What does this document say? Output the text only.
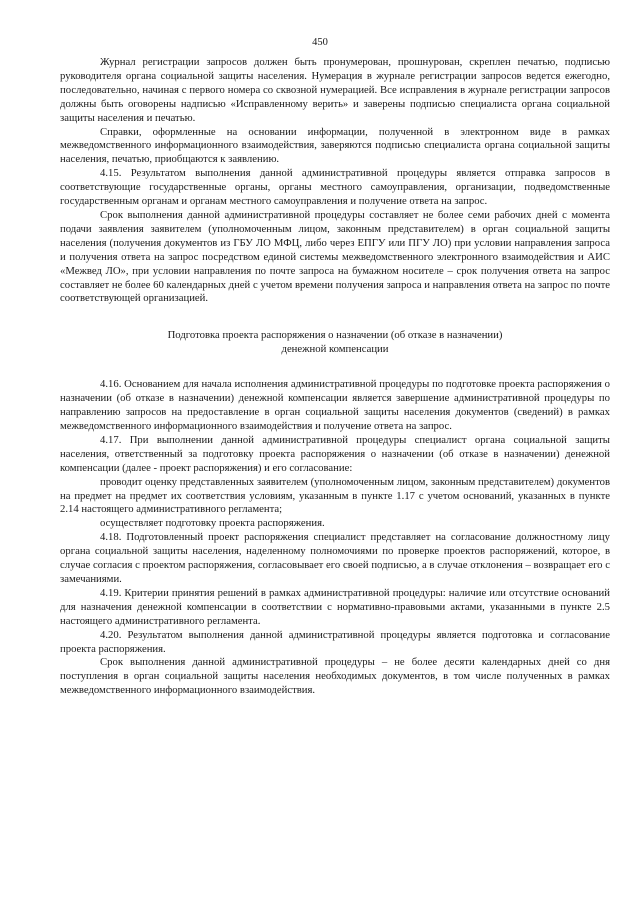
450

Журнал регистрации запросов должен быть пронумерован, прошнурован, скреплен печатью, подписью руководителя органа социальной защиты населения. Нумерация в журнале регистрации запросов ведется ежегодно, последовательно, начиная с первого номера со сквозной нумерацией. Все исправления в журнале регистрации запросов должны быть оговорены надписью «Исправленному верить» и заверены подписью специалиста органа социальной защиты населения и печатью.

Справки, оформленные на основании информации, полученной в электронном виде в рамках межведомственного информационного взаимодействия, заверяются подписью специалиста органа социальной защиты населения, печатью, приобщаются к заявлению.

4.15. Результатом выполнения данной административной процедуры является отправка запросов в соответствующие государственные органы, органы местного самоуправления, организации, подведомственные государственным органам и органам местного самоуправления и получение ответа на запрос.

Срок выполнения данной административной процедуры составляет не более семи рабочих дней с момента подачи заявления заявителем (уполномоченным лицом, законным представителем) в орган социальной защиты населения (получения документов из ГБУ ЛО МФЦ, либо через ЕПГУ или ПГУ ЛО) при условии направления запроса и получения ответа на запрос посредством единой системы межведомственного электронного взаимодействия и АИС «Межвед ЛО», при условии направления по почте запроса на бумажном носителе – срок получения ответа на запрос составляет не более 60 календарных дней с учетом времени получения запроса и направления ответа на запрос по почте соответствующей организацией.

Подготовка проекта распоряжения о назначении (об отказе в назначении)
денежной компенсации

4.16. Основанием для начала исполнения административной процедуры по подготовке проекта распоряжения о назначении (об отказе в назначении) денежной компенсации является завершение административной процедуры по направлению запросов на предоставление в орган социальной защиты населения документов (сведений) в рамках межведомственного информационного взаимодействия и получение ответа на запрос.

4.17. При выполнении данной административной процедуры специалист органа социальной защиты населения, ответственный за подготовку проекта распоряжения о назначении (об отказе в назначении) денежной компенсации (далее - проект распоряжения) и его согласование:

проводит оценку представленных заявителем (уполномоченным лицом, законным представителем) документов на предмет на предмет их соответствия условиям, указанным в пункте 1.17 с учетом оснований, указанных в пункте 2.14 настоящего административного регламента;

осуществляет подготовку проекта распоряжения.

4.18. Подготовленный проект распоряжения специалист представляет на согласование должностному лицу органа социальной защиты населения, наделенному полномочиями по проверке проектов распоряжений, которое, в случае согласия с проектом распоряжения, согласовывает его своей подписью, а в случае отклонения – возвращает его с замечаниями.

4.19. Критерии принятия решений в рамках административной процедуры: наличие или отсутствие оснований для назначения денежной компенсации в соответствии с нормативно-правовыми актами, указанными в пункте 2.5 настоящего административного регламента.

4.20. Результатом выполнения данной административной процедуры является подготовка и согласование проекта распоряжения.

Срок выполнения данной административной процедуры – не более десяти календарных дней со дня поступления в орган социальной защиты населения необходимых документов, в том числе полученных в рамках межведомственного информационного взаимодействия.
